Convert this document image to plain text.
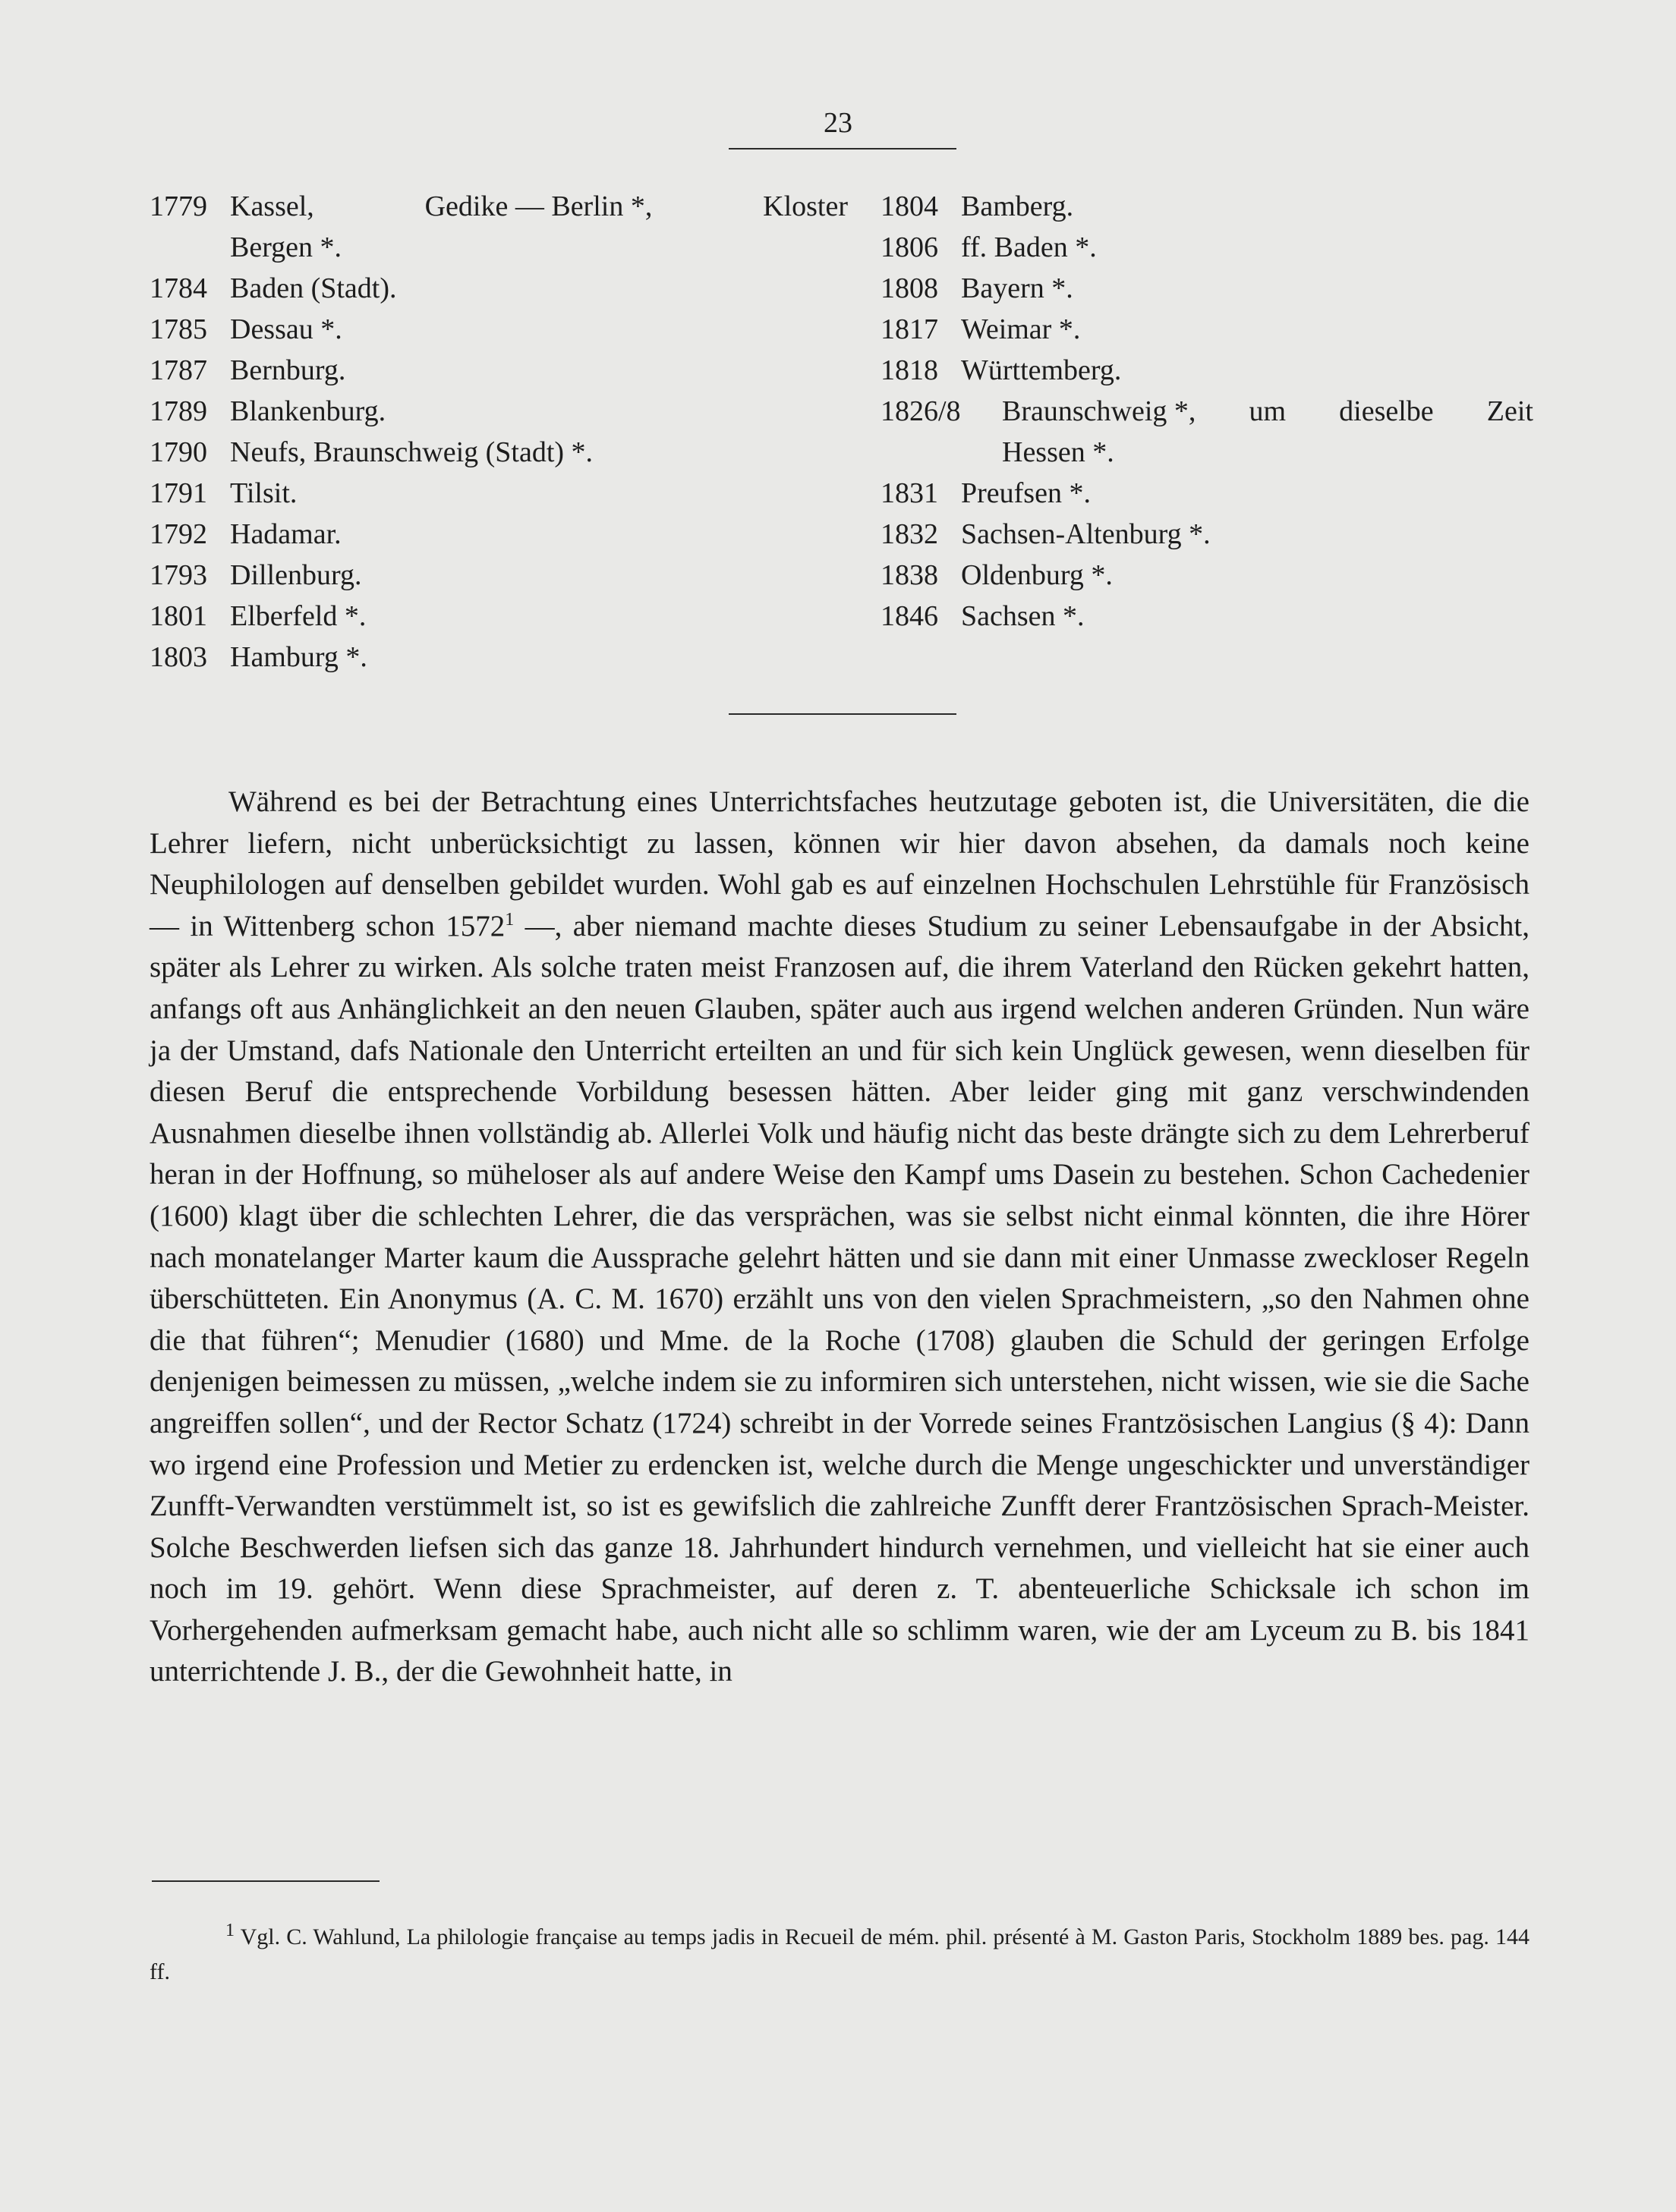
23
1779 Kassel,	Gedike — Berlin *,	Kloster
Bergen *.
1784 Baden (Stadt).
1785 Dessau *.
1787 Bernburg.
1789 Blankenburg.
1790 Neufs, Braunschweig (Stadt) *.
1791 Tilsit.
1792 Hadamar.
1793 Dillenburg.
1801 Elberfeld *.
1803 Hamburg *.
1804 Bamberg.
1806 ff. Baden *.
1808 Bayern *.
1817 Weimar *.
1818 Württemberg.
1826/8	Braunschweig *, um dieselbe Zeit
Hessen *.
1831 Preufsen *.
1832 Sachsen-Altenburg *.
1838 Oldenburg *.
1846 Sachsen *.

Während es bei der Betrachtung eines Unterrichtsfaches heutzutage geboten ist, die Universitäten, die die Lehrer liefern, nicht unberücksichtigt zu lassen, können wir hier davon absehen, da damals noch keine Neuphilologen auf denselben gebildet wurden. Wohl gab es auf einzelnen Hochschulen Lehrstühle für Französisch — in Wittenberg schon 1572$^1$ —, aber niemand machte dieses Studium zu seiner Lebensaufgabe in der Absicht, später als Lehrer zu wirken. Als solche traten meist Franzosen auf, die ihrem Vaterland den Rücken gekehrt hatten, anfangs oft aus Anhänglichkeit an den neuen Glauben, später auch aus irgend welchen anderen Gründen. Nun wäre ja der Umstand, dafs Nationale den Unterricht erteilten an und für sich kein Unglück gewesen, wenn dieselben für diesen Beruf die entsprechende Vorbildung besessen hätten. Aber leider ging mit ganz verschwindenden Ausnahmen dieselbe ihnen vollständig ab. Allerlei Volk und häufig nicht das beste drängte sich zu dem Lehrerberuf heran in der Hoffnung, so müheloser als auf andere Weise den Kampf ums Dasein zu bestehen. Schon Cachedenier (1600) klagt über die schlechten Lehrer, die das versprächen, was sie selbst nicht einmal könnten, die ihre Hörer nach monatelanger Marter kaum die Aussprache gelehrt hätten und sie dann mit einer Unmasse zweckloser Regeln überschütteten. Ein Anonymus (A. C. M. 1670) erzählt uns von den vielen Sprachmeistern, „so den Nahmen ohne die that führen“; Menudier (1680) und Mme. de la Roche (1708) glauben die Schuld der geringen Erfolge denjenigen beimessen zu müssen, „welche indem sie zu informiren sich unterstehen, nicht wissen, wie sie die Sache angreiffen sollen“, und der Rector Schatz (1724) schreibt in der Vorrede seines Frantzösischen Langius (§ 4): Dann wo irgend eine Profession und Metier zu erdencken ist, welche durch die Menge ungeschickter und unverständiger Zunfft-Verwandten verstümmelt ist, so ist es gewifslich die zahlreiche Zunfft derer Frantzösischen Sprach-Meister. Solche Beschwerden liefsen sich das ganze 18. Jahrhundert hindurch vernehmen, und vielleicht hat sie einer auch noch im 19. gehört. Wenn diese Sprachmeister, auf deren z. T. abenteuerliche Schicksale ich schon im Vorhergehenden aufmerksam gemacht habe, auch nicht alle so schlimm waren, wie der am Lyceum zu B. bis 1841 unterrichtende J. B., der die Gewohnheit hatte, in

$^1$ Vgl. C. Wahlund, La philologie française au temps jadis in Recueil de mém. phil. présenté à M. Gaston Paris, Stockholm 1889 bes. pag. 144 ff.
